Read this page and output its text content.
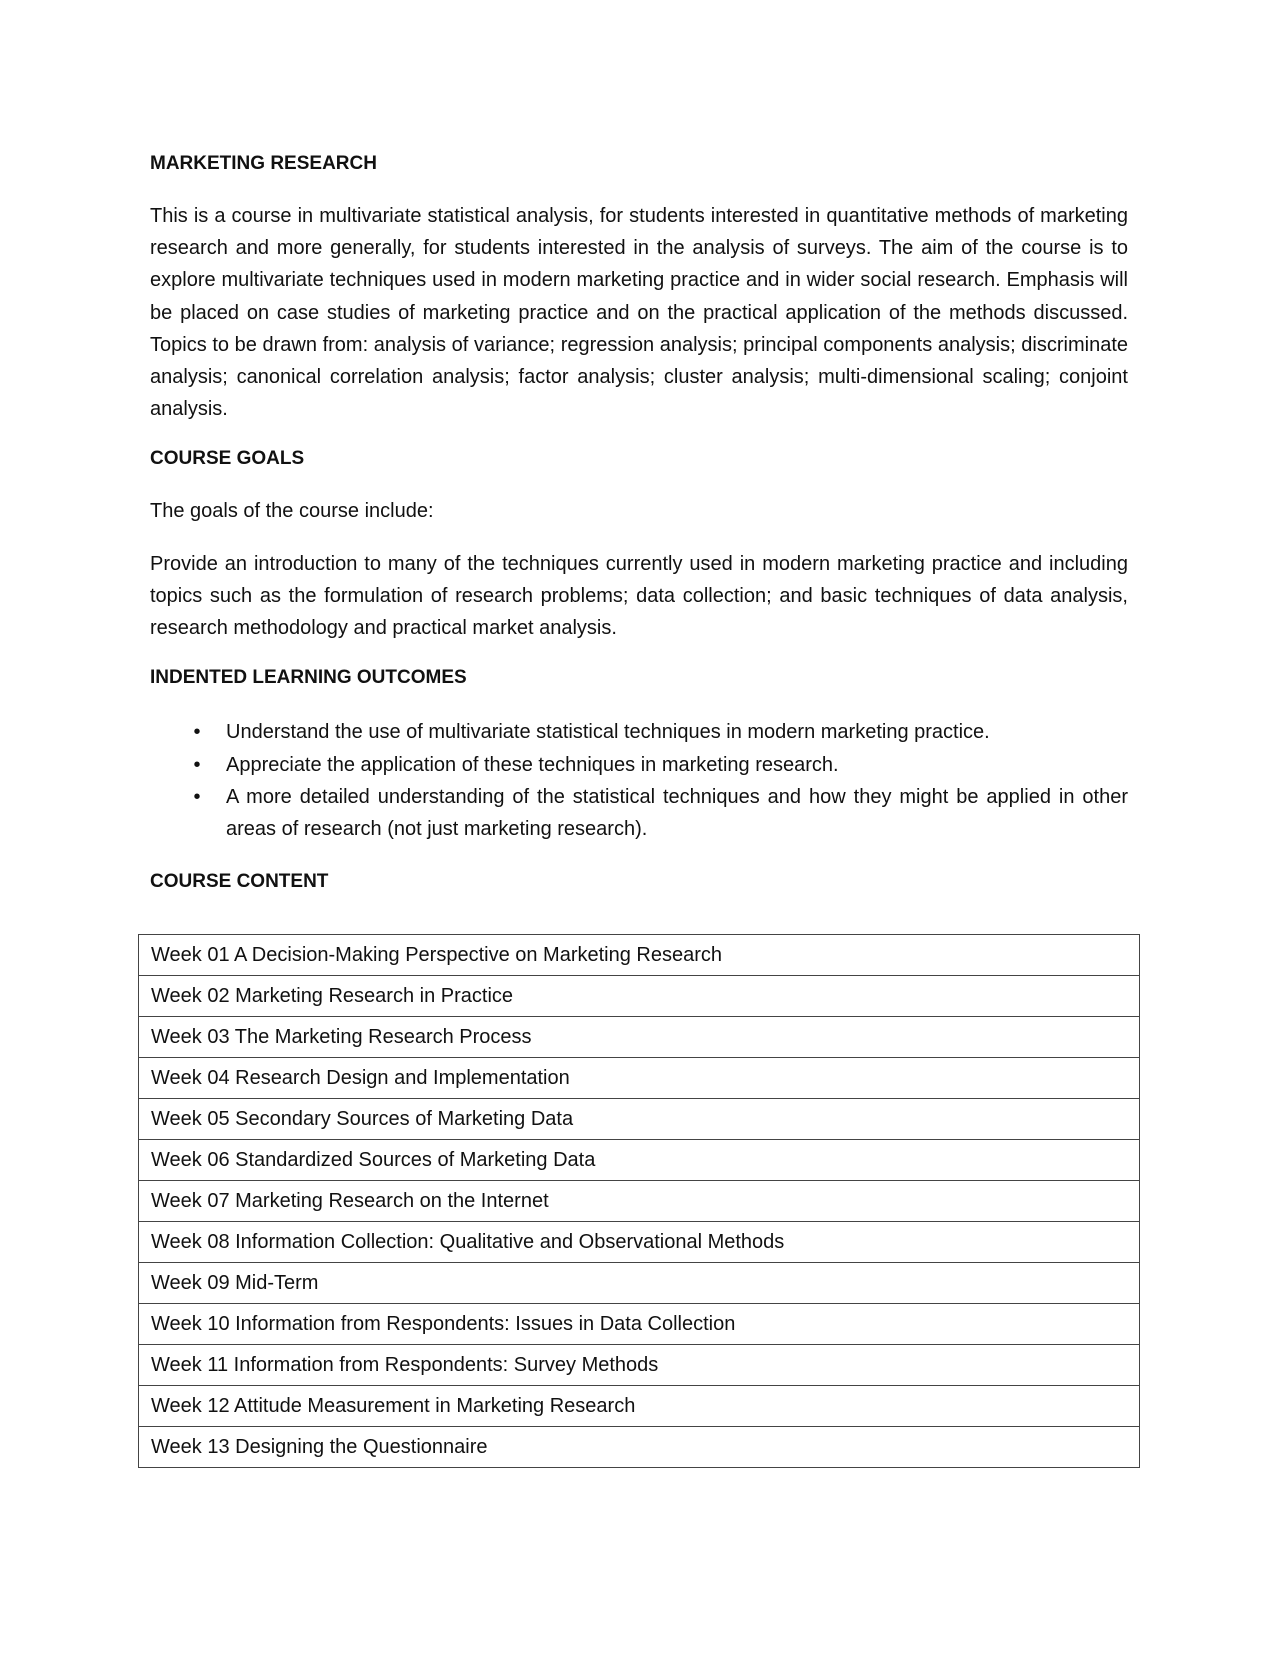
MARKETING RESEARCH

This is a course in multivariate statistical analysis, for students interested in quantitative methods of marketing research and more generally, for students interested in the analysis of surveys. The aim of the course is to explore multivariate techniques used in modern marketing practice and in wider social research. Emphasis will be placed on case studies of marketing practice and on the practical application of the methods discussed. Topics to be drawn from: analysis of variance; regression analysis; principal components analysis; discriminate analysis; canonical correlation analysis; factor analysis; cluster analysis; multi-dimensional scaling; conjoint analysis.

COURSE GOALS

The goals of the course include:

Provide an introduction to many of the techniques currently used in modern marketing practice and including topics such as the formulation of research problems; data collection; and basic techniques of data analysis, research methodology and practical market analysis.

INDENTED LEARNING OUTCOMES
• Understand the use of multivariate statistical techniques in modern marketing practice.
• Appreciate the application of these techniques in marketing research.
• A more detailed understanding of the statistical techniques and how they might be applied in other areas of research (not just marketing research).
COURSE CONTENT
Week 01 A Decision-Making Perspective on Marketing Research
Week 02 Marketing Research in Practice
Week 03 The Marketing Research Process
Week 04 Research Design and Implementation
Week 05 Secondary Sources of Marketing Data
Week 06 Standardized Sources of Marketing Data
Week 07 Marketing Research on the Internet
Week 08 Information Collection: Qualitative and Observational Methods
Week 09 Mid-Term
Week 10 Information from Respondents: Issues in Data Collection
Week 11 Information from Respondents: Survey Methods
Week 12 Attitude Measurement in Marketing Research
Week 13 Designing the Questionnaire
